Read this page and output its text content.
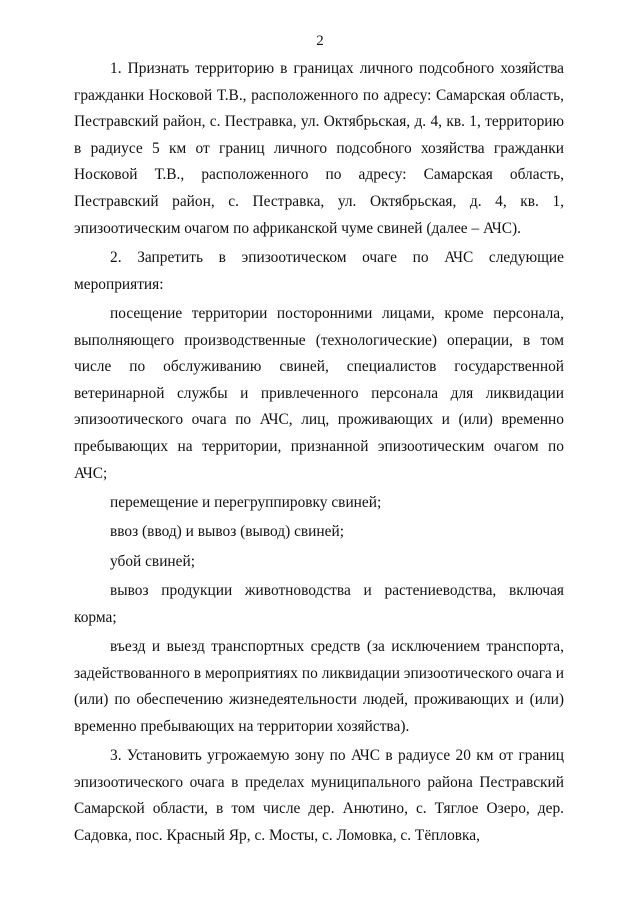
2

1. Признать территорию в границах личного подсобного хозяйства гражданки Носковой Т.В., расположенного по адресу: Самарская область, Пестравский район, с. Пестравка, ул. Октябрьская, д. 4, кв. 1, территорию в радиусе 5 км от границ личного подсобного хозяйства гражданки Носковой Т.В., расположенного по адресу: Самарская область, Пестравский район, с. Пестравка, ул. Октябрьская, д. 4, кв. 1, эпизоотическим очагом по африканской чуме свиней (далее – АЧС).

2. Запретить в эпизоотическом очаге по АЧС следующие мероприятия:

посещение территории посторонними лицами, кроме персонала, выполняющего производственные (технологические) операции, в том числе по обслуживанию свиней, специалистов государственной ветеринарной службы и привлеченного персонала для ликвидации эпизоотического очага по АЧС, лиц, проживающих и (или) временно пребывающих на территории, признанной эпизоотическим очагом по АЧС;

перемещение и перегруппировку свиней;

ввоз (ввод) и вывоз (вывод) свиней;

убой свиней;

вывоз продукции животноводства и растениеводства, включая корма;

въезд и выезд транспортных средств (за исключением транспорта, задействованного в мероприятиях по ликвидации эпизоотического очага и (или) по обеспечению жизнедеятельности людей, проживающих и (или) временно пребывающих на территории хозяйства).

3. Установить угрожаемую зону по АЧС в радиусе 20 км от границ эпизоотического очага в пределах муниципального района Пестравский Самарской области, в том числе дер. Анютино, с. Тяглое Озеро, дер. Садовка, пос. Красный Яр, с. Мосты, с. Ломовка, с. Тёпловка,
